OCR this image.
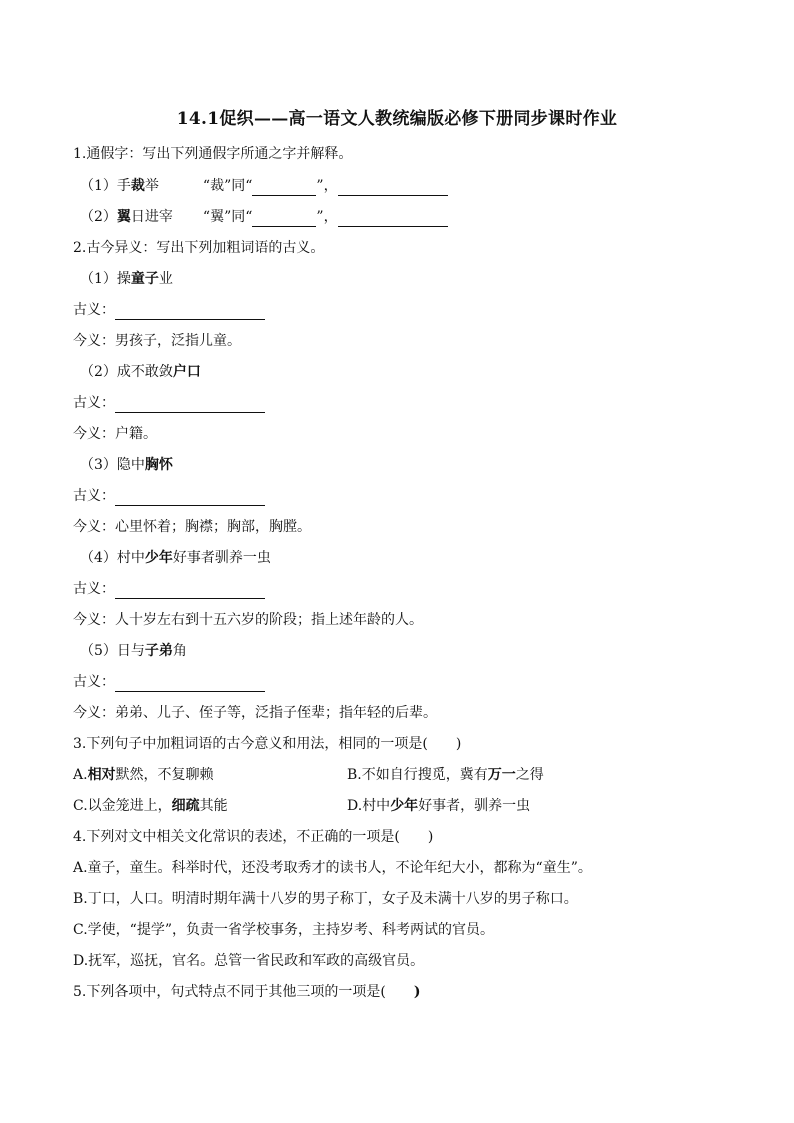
14.1促织——高一语文人教统编版必修下册同步课时作业
1.通假字：写出下列通假字所通之字并解释。
（1）手裁举	“裁”同“	”，
（2）翼日进宰 “翼”同“	”，
2.古今异义：写出下列加粗词语的古义。
（1）操童子业
古义：
今义：男孩子，泛指儿童。
（2）成不敢敛户口
古义：
今义：户籍。
（3）隐中胸怀
古义：
今义：心里怀着；胸襟；胸部，胸膛。
（4）村中少年好事者驯养一虫
古义：
今义：人十岁左右到十五六岁的阶段；指上述年龄的人。
（5）日与子弟角
古义：
今义：弟弟、儿子、侄子等，泛指子侄辈；指年轻的后辈。
3.下列句子中加粗词语的古今意义和用法，相同的一项是( )
A.相对默然，不复聊赖	B.不如自行搜觅，冀有万一之得
C.以金笼进上，细疏其能	D.村中少年好事者，驯养一虫
4.下列对文中相关文化常识的表述，不正确的一项是( )
A.童子，童生。科举时代，还没考取秀才的读书人，不论年纪大小，都称为“童生”。
B.丁口，人口。明清时期年满十八岁的男子称丁，女子及未满十八岁的男子称口。
C.学使，“提学”，负责一省学校事务，主持岁考、科考两试的官员。
D.抚军，巡抚，官名。总管一省民政和军政的高级官员。
5.下列各项中，句式特点不同于其他三项的一项是( )
